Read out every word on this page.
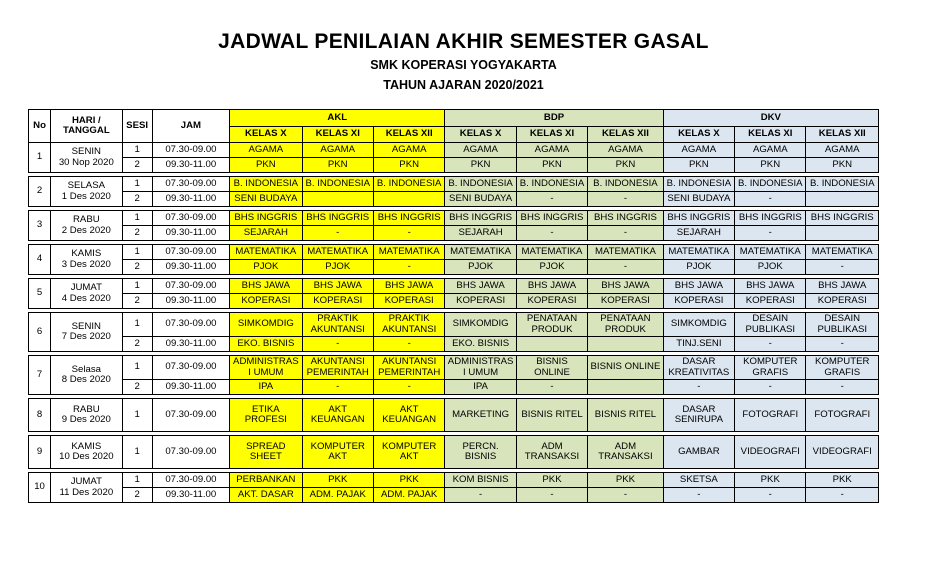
JADWAL PENILAIAN AKHIR SEMESTER GASAL
SMK KOPERASI YOGYAKARTA
TAHUN AJARAN 2020/2021
No	HARI /
TANGGAL	SESI	JAM	AKL			BDP			DKV		
				KELAS X	KELAS XI	KELAS XII	KELAS X	KELAS XI	KELAS XII	KELAS X	KELAS XI	KELAS XII
1	SENIN
30 Nop 2020	1	07.30-09.00	AGAMA	AGAMA	AGAMA	AGAMA	AGAMA	AGAMA	AGAMA	AGAMA	AGAMA
		2	09.30-11.00	PKN	PKN	PKN	PKN	PKN	PKN	PKN	PKN	PKN

2	SELASA
1 Des 2020	1	07.30-09.00	B. INDONESIA	B. INDONESIA	B. INDONESIA	B. INDONESIA	B. INDONESIA	B. INDONESIA	B. INDONESIA	B. INDONESIA	B. INDONESIA
		2	09.30-11.00	SENI BUDAYA			SENI BUDAYA	-	-	SENI BUDAYA	-	

3	RABU
2 Des 2020	1	07.30-09.00	BHS INGGRIS	BHS INGGRIS	BHS INGGRIS	BHS INGGRIS	BHS INGGRIS	BHS INGGRIS	BHS INGGRIS	BHS INGGRIS	BHS INGGRIS
		2	09.30-11.00	SEJARAH	-	-	SEJARAH	-	-	SEJARAH	-	

4	KAMIS
3 Des 2020	1	07.30-09.00	MATEMATIKA	MATEMATIKA	MATEMATIKA	MATEMATIKA	MATEMATIKA	MATEMATIKA	MATEMATIKA	MATEMATIKA	MATEMATIKA
		2	09.30-11.00	PJOK	PJOK	-	PJOK	PJOK	-	PJOK	PJOK	-

5	JUMAT
4 Des 2020	1	07.30-09.00	BHS JAWA	BHS JAWA	BHS JAWA	BHS JAWA	BHS JAWA	BHS JAWA	BHS JAWA	BHS JAWA	BHS JAWA
		2	09.30-11.00	KOPERASI	KOPERASI	KOPERASI	KOPERASI	KOPERASI	KOPERASI	KOPERASI	KOPERASI	KOPERASI

6	SENIN
7 Des 2020	1	07.30-09.00	SIMKOMDIG	PRAKTIK AKUNTANSI	PRAKTIK AKUNTANSI	SIMKOMDIG	PENATAAN PRODUK	PENATAAN PRODUK	SIMKOMDIG	DESAIN PUBLIKASI	DESAIN PUBLIKASI
		2	09.30-11.00	EKO. BISNIS	-	-	EKO. BISNIS			TINJ.SENI	-	-

7	Selasa
8 Des 2020	1	07.30-09.00	ADMINISTRAS I UMUM	AKUNTANSI PEMERINTAH	AKUNTANSI PEMERINTAH	ADMINISTRAS I UMUM	BISNIS ONLINE	BISNIS ONLINE	DASAR KREATIVITAS	KOMPUTER GRAFIS	KOMPUTER GRAFIS
		2	09.30-11.00	IPA	-	-	IPA	-		-	-	-

8	RABU
9 Des 2020	1	07.30-09.00	ETIKA PROFESI	AKT KEUANGAN	AKT KEUANGAN	MARKETING	BISNIS RITEL	BISNIS RITEL	DASAR SENIRUPA	FOTOGRAFI	FOTOGRAFI

9	KAMIS
10 Des 2020	1	07.30-09.00	SPREAD SHEET	KOMPUTER AKT	KOMPUTER AKT	PERCN. BISNIS	ADM TRANSAKSI	ADM TRANSAKSI	GAMBAR	VIDEOGRAFI	VIDEOGRAFI

10	JUMAT
11 Des 2020	1	07.30-09.00	PERBANKAN	PKK	PKK	KOM BISNIS	PKK	PKK	SKETSA	PKK	PKK
		2	09.30-11.00	AKT. DASAR	ADM. PAJAK	ADM. PAJAK	-	-	-	-	-	-
